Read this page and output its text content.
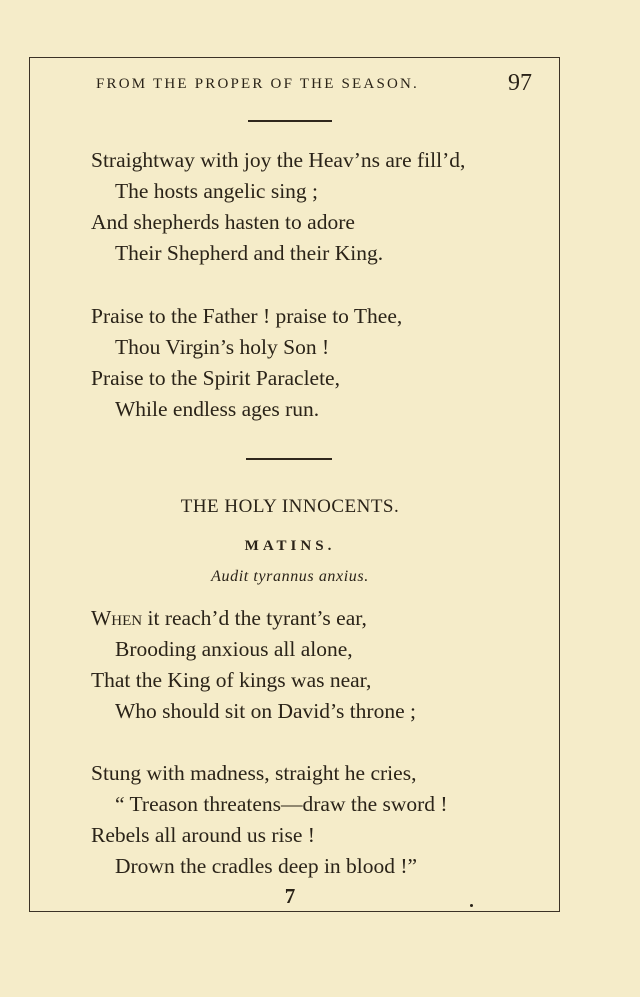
FROM THE PROPER OF THE SEASON.	97
Straightway with joy the Heav’ns are fill’d,
The hosts angelic sing ;
And shepherds hasten to adore
Their Shepherd and their King.
Praise to the Father ! praise to Thee,
Thou Virgin’s holy Son !
Praise to the Spirit Paraclete,
While endless ages run.
THE HOLY INNOCENTS.
MATINS.
Audit tyrannus anxius.
When it reach’d the tyrant’s ear,
Brooding anxious all alone,
That the King of kings was near,
Who should sit on David’s throne ;
Stung with madness, straight he cries,
“ Treason threatens—draw the sword !
Rebels all around us rise !
Drown the cradles deep in blood !”
7
